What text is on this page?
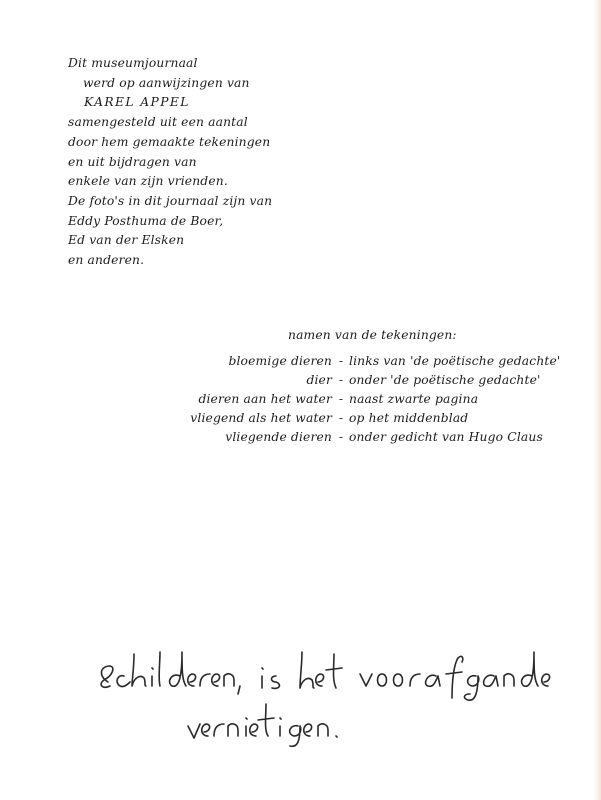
Dit museumjournaal
werd op aanwijzingen van
KAREL APPEL
samengesteld uit een aantal
door hem gemaakte tekeningen
en uit bijdragen van
enkele van zijn vrienden.
De foto's in dit journaal zijn van
Eddy Posthuma de Boer,
Ed van der Elsken
en anderen.
namen van de tekeningen:
bloemige dieren	-	links van 'de poëtische gedachte'
dier	-	onder 'de poëtische gedachte'
dieren aan het water	-	naast zwarte pagina
vliegend als het water	-	op het middenblad
vliegende dieren	-	onder gedicht van Hugo Claus
